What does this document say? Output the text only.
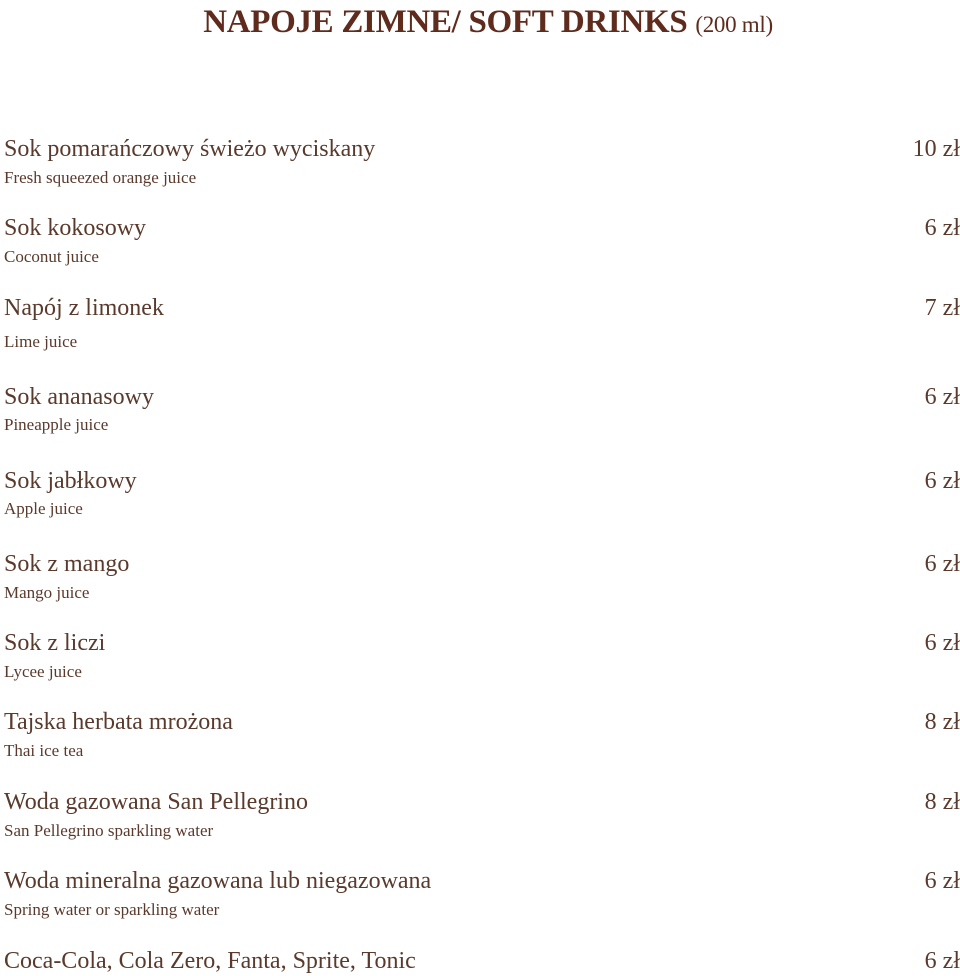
NAPOJE ZIMNE/ SOFT DRINKS (200 ml)
Sok pomarańczowy świeżo wyciskany	10 zł
Fresh squeezed orange juice
Sok kokosowy	6 zł
Coconut juice
Napój z limonek	7 zł
Lime juice
Sok ananasowy	6 zł
Pineapple juice
Sok jabłkowy	6 zł
Apple juice
Sok z mango	6 zł
Mango juice
Sok z liczi	6 zł
Lycee juice
Tajska herbata mrożona	8 zł
Thai ice tea
Woda gazowana San Pellegrino	8 zł
San Pellegrino sparkling water
Woda mineralna gazowana lub niegazowana	6 zł
Spring water or sparkling water
Coca-Cola, Cola Zero, Fanta, Sprite, Tonic	6 zł
